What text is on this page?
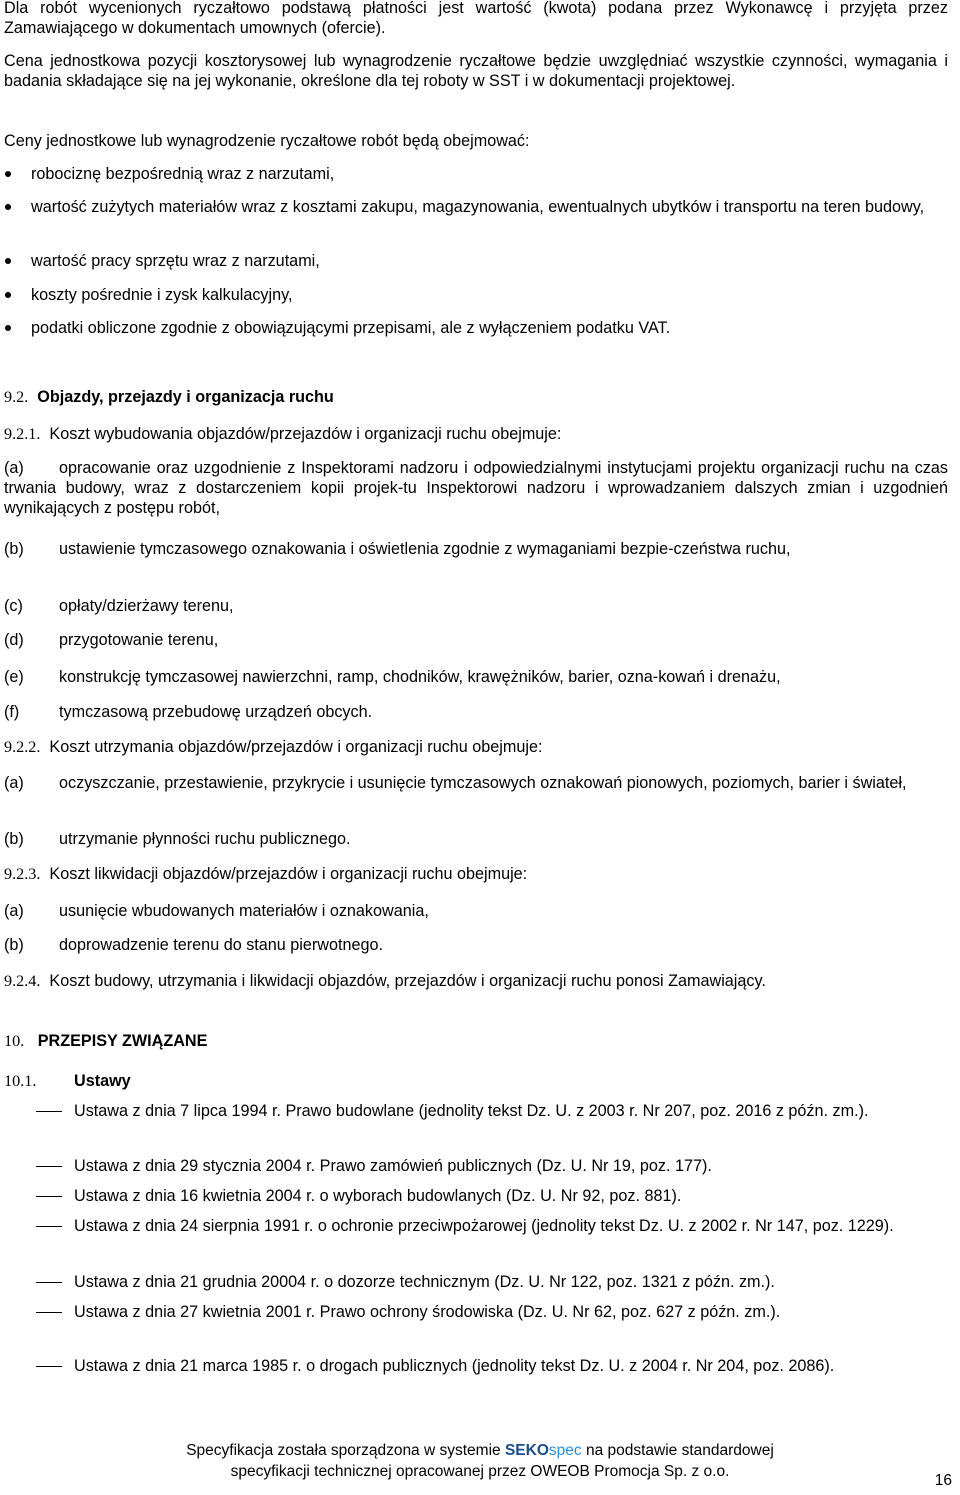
Dla robót wycenionych ryczałtowo podstawą płatności jest wartość (kwota) podana przez Wykonawcę i przyjęta przez Zamawiającego w dokumentach umownych (ofercie).

Cena jednostkowa pozycji kosztorysowej lub wynagrodzenie ryczałtowe będzie uwzględniać wszystkie czynności, wymagania i badania składające się na jej wykonanie, określone dla tej roboty w SST i w dokumentacji projektowej.

Ceny jednostkowe lub wynagrodzenie ryczałtowe robót będą obejmować:

robociznę bezpośrednią wraz z narzutami,
wartość zużytych materiałów wraz z kosztami zakupu, magazynowania, ewentualnych ubytków i transportu na teren budowy,
wartość pracy sprzętu wraz z narzutami,
koszty pośrednie i zysk kalkulacyjny,
podatki obliczone zgodnie z obowiązującymi przepisami, ale z wyłączeniem podatku VAT.
9.2. Objazdy, przejazdy i organizacja ruchu
9.2.1. Koszt wybudowania objazdów/przejazdów i organizacji ruchu obejmuje:
(a) opracowanie oraz uzgodnienie z Inspektorami nadzoru i odpowiedzialnymi instytucjami projektu organizacji ruchu na czas trwania budowy, wraz z dostarczeniem kopii projek-tu Inspektorowi nadzoru i wprowadzaniem dalszych zmian i uzgodnień wynikających z postępu robót,
(b) ustawienie tymczasowego oznakowania i oświetlenia zgodnie z wymaganiami bezpie-czeństwa ruchu,
(c) opłaty/dzierżawy terenu,
(d) przygotowanie terenu,
(e) konstrukcję tymczasowej nawierzchni, ramp, chodników, krawężników, barier, ozna-kowań i drenażu,
(f) tymczasową przebudowę urządzeń obcych.
9.2.2. Koszt utrzymania objazdów/przejazdów i organizacji ruchu obejmuje:
(a) oczyszczanie, przestawienie, przykrycie i usunięcie tymczasowych oznakowań pionowych, poziomych, barier i świateł,
(b) utrzymanie płynności ruchu publicznego.
9.2.3. Koszt likwidacji objazdów/przejazdów i organizacji ruchu obejmuje:
(a) usunięcie wbudowanych materiałów i oznakowania,
(b) doprowadzenie terenu do stanu pierwotnego.
9.2.4. Koszt budowy, utrzymania i likwidacji objazdów, przejazdów i organizacji ruchu ponosi Zamawiający.
10. PRZEPISY ZWIĄZANE
10.1. Ustawy
Ustawa z dnia 7 lipca 1994 r. Prawo budowlane (jednolity tekst Dz. U. z 2003 r. Nr 207, poz. 2016 z późn. zm.).
Ustawa z dnia 29 stycznia 2004 r. Prawo zamówień publicznych (Dz. U. Nr 19, poz. 177).
Ustawa z dnia 16 kwietnia 2004 r. o wyborach budowlanych (Dz. U. Nr 92, poz. 881).
Ustawa z dnia 24 sierpnia 1991 r. o ochronie przeciwpożarowej (jednolity tekst Dz. U. z 2002 r. Nr 147, poz. 1229).
Ustawa z dnia 21 grudnia 20004 r. o dozorze technicznym (Dz. U. Nr 122, poz. 1321 z późn. zm.).
Ustawa z dnia 27 kwietnia 2001 r. Prawo ochrony środowiska (Dz. U. Nr 62, poz. 627 z późn. zm.).
Ustawa z dnia 21 marca 1985 r. o drogach publicznych (jednolity tekst Dz. U. z 2004 r. Nr 204, poz. 2086).
Specyfikacja została sporządzona w systemie SEKOspec na podstawie standardowej
specyfikacji technicznej opracowanej przez OWEOB Promocja Sp. z o.o.
16
